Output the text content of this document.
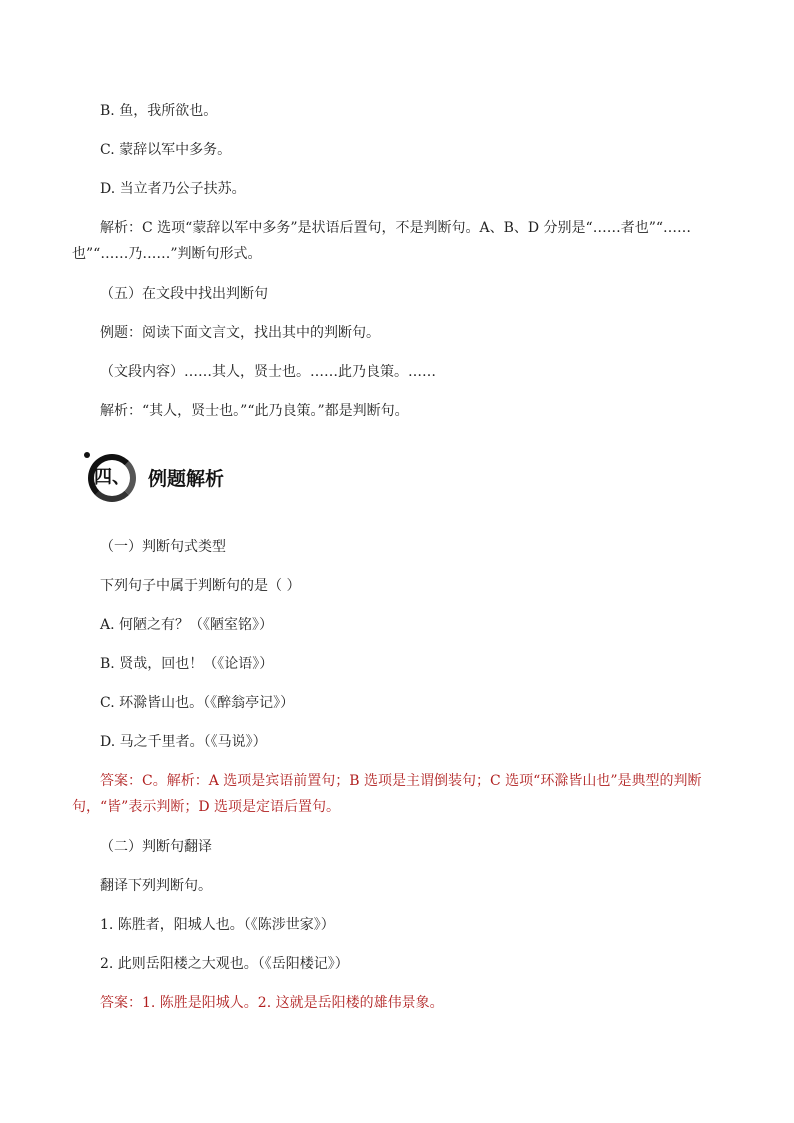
B. 鱼，我所欲也。

C. 蒙辞以军中多务。

D. 当立者乃公子扶苏。

解析：C 选项“蒙辞以军中多务”是状语后置句，不是判断句。A、B、D 分别是“……者也”“……也”“……乃……”判断句形式。

（五）在文段中找出判断句

例题：阅读下面文言文，找出其中的判断句。

（文段内容）……其人，贤士也。……此乃良策。……

解析：“其人，贤士也。”“此乃良策。”都是判断句。

四、 例题解析

（一）判断句式类型

下列句子中属于判断句的是（ ）

A. 何陋之有？（《陋室铭》）

B. 贤哉，回也！（《论语》）

C. 环滁皆山也。（《醉翁亭记》）

D. 马之千里者。（《马说》）

答案：C。解析：A 选项是宾语前置句；B 选项是主谓倒装句；C 选项“环滁皆山也”是典型的判断句，“皆”表示判断；D 选项是定语后置句。

（二）判断句翻译

翻译下列判断句。

1. 陈胜者，阳城人也。（《陈涉世家》）

2. 此则岳阳楼之大观也。（《岳阳楼记》）

答案：1. 陈胜是阳城人。2. 这就是岳阳楼的雄伟景象。
